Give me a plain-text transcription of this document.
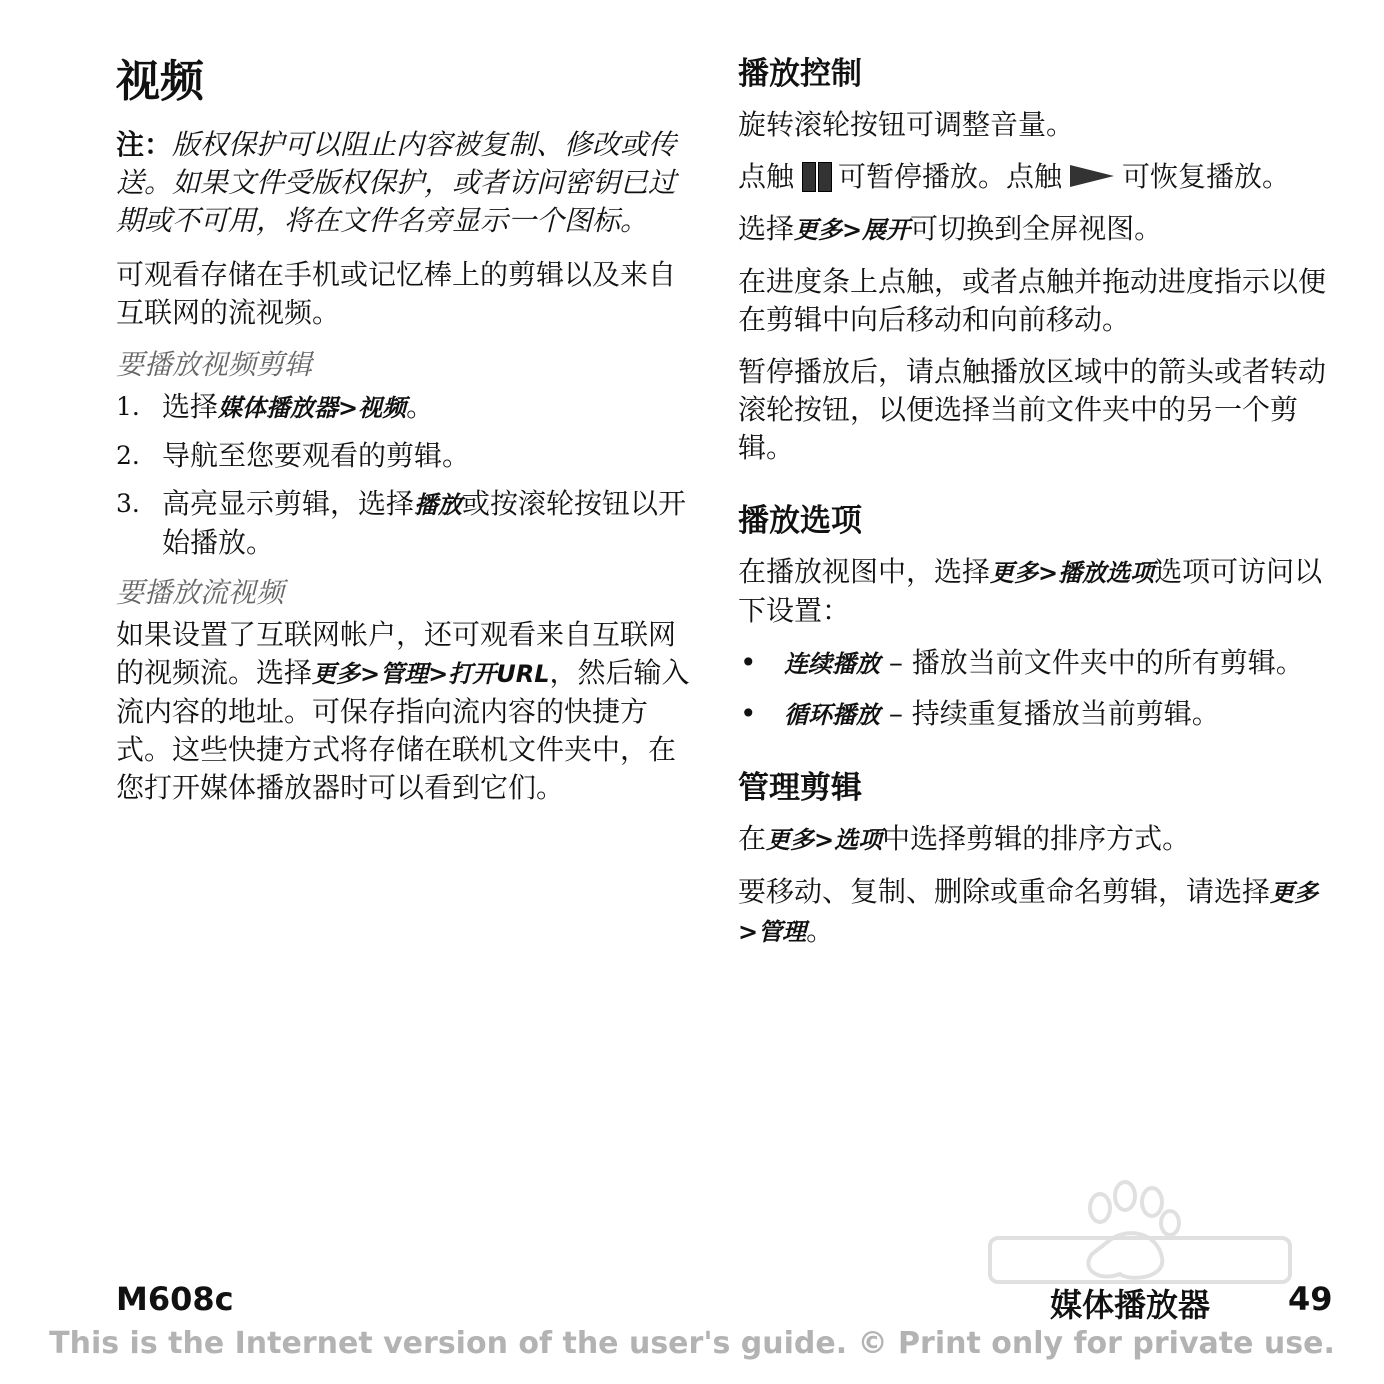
视频

注：版权保护可以阻止内容被复制、修改或传送。如果文件受版权保护，或者访问密钥已过期或不可用，将在文件名旁显示一个图标。

可观看存储在手机或记忆棒上的剪辑以及来自互联网的流视频。

要播放视频剪辑
1. 选择媒体播放器>视频。
2. 导航至您要观看的剪辑。
3. 高亮显示剪辑，选择播放或按滚轮按钮以开始播放。
要播放流视频

如果设置了互联网帐户，还可观看来自互联网的视频流。选择更多>管理>打开URL，然后输入流内容的地址。可保存指向流内容的快捷方式。这些快捷方式将存储在联机文件夹中，在您打开媒体播放器时可以看到它们。

播放控制

旋转滚轮按钮可调整音量。

点触 可暂停播放。点触 可恢复播放。

选择更多>展开可切换到全屏视图。

在进度条上点触，或者点触并拖动进度指示以便在剪辑中向后移动和向前移动。

暂停播放后，请点触播放区域中的箭头或者转动滚轮按钮，以便选择当前文件夹中的另一个剪辑。

播放选项

在播放视图中，选择更多>播放选项选项可访问以下设置：

• 连续播放 – 播放当前文件夹中的所有剪辑。
• 循环播放 – 持续重复播放当前剪辑。
管理剪辑

在更多>选项中选择剪辑的排序方式。

要移动、复制、删除或重命名剪辑，请选择更多>管理。

M608c	媒体播放器 49
This is the Internet version of the user's guide. © Print only for private use.
